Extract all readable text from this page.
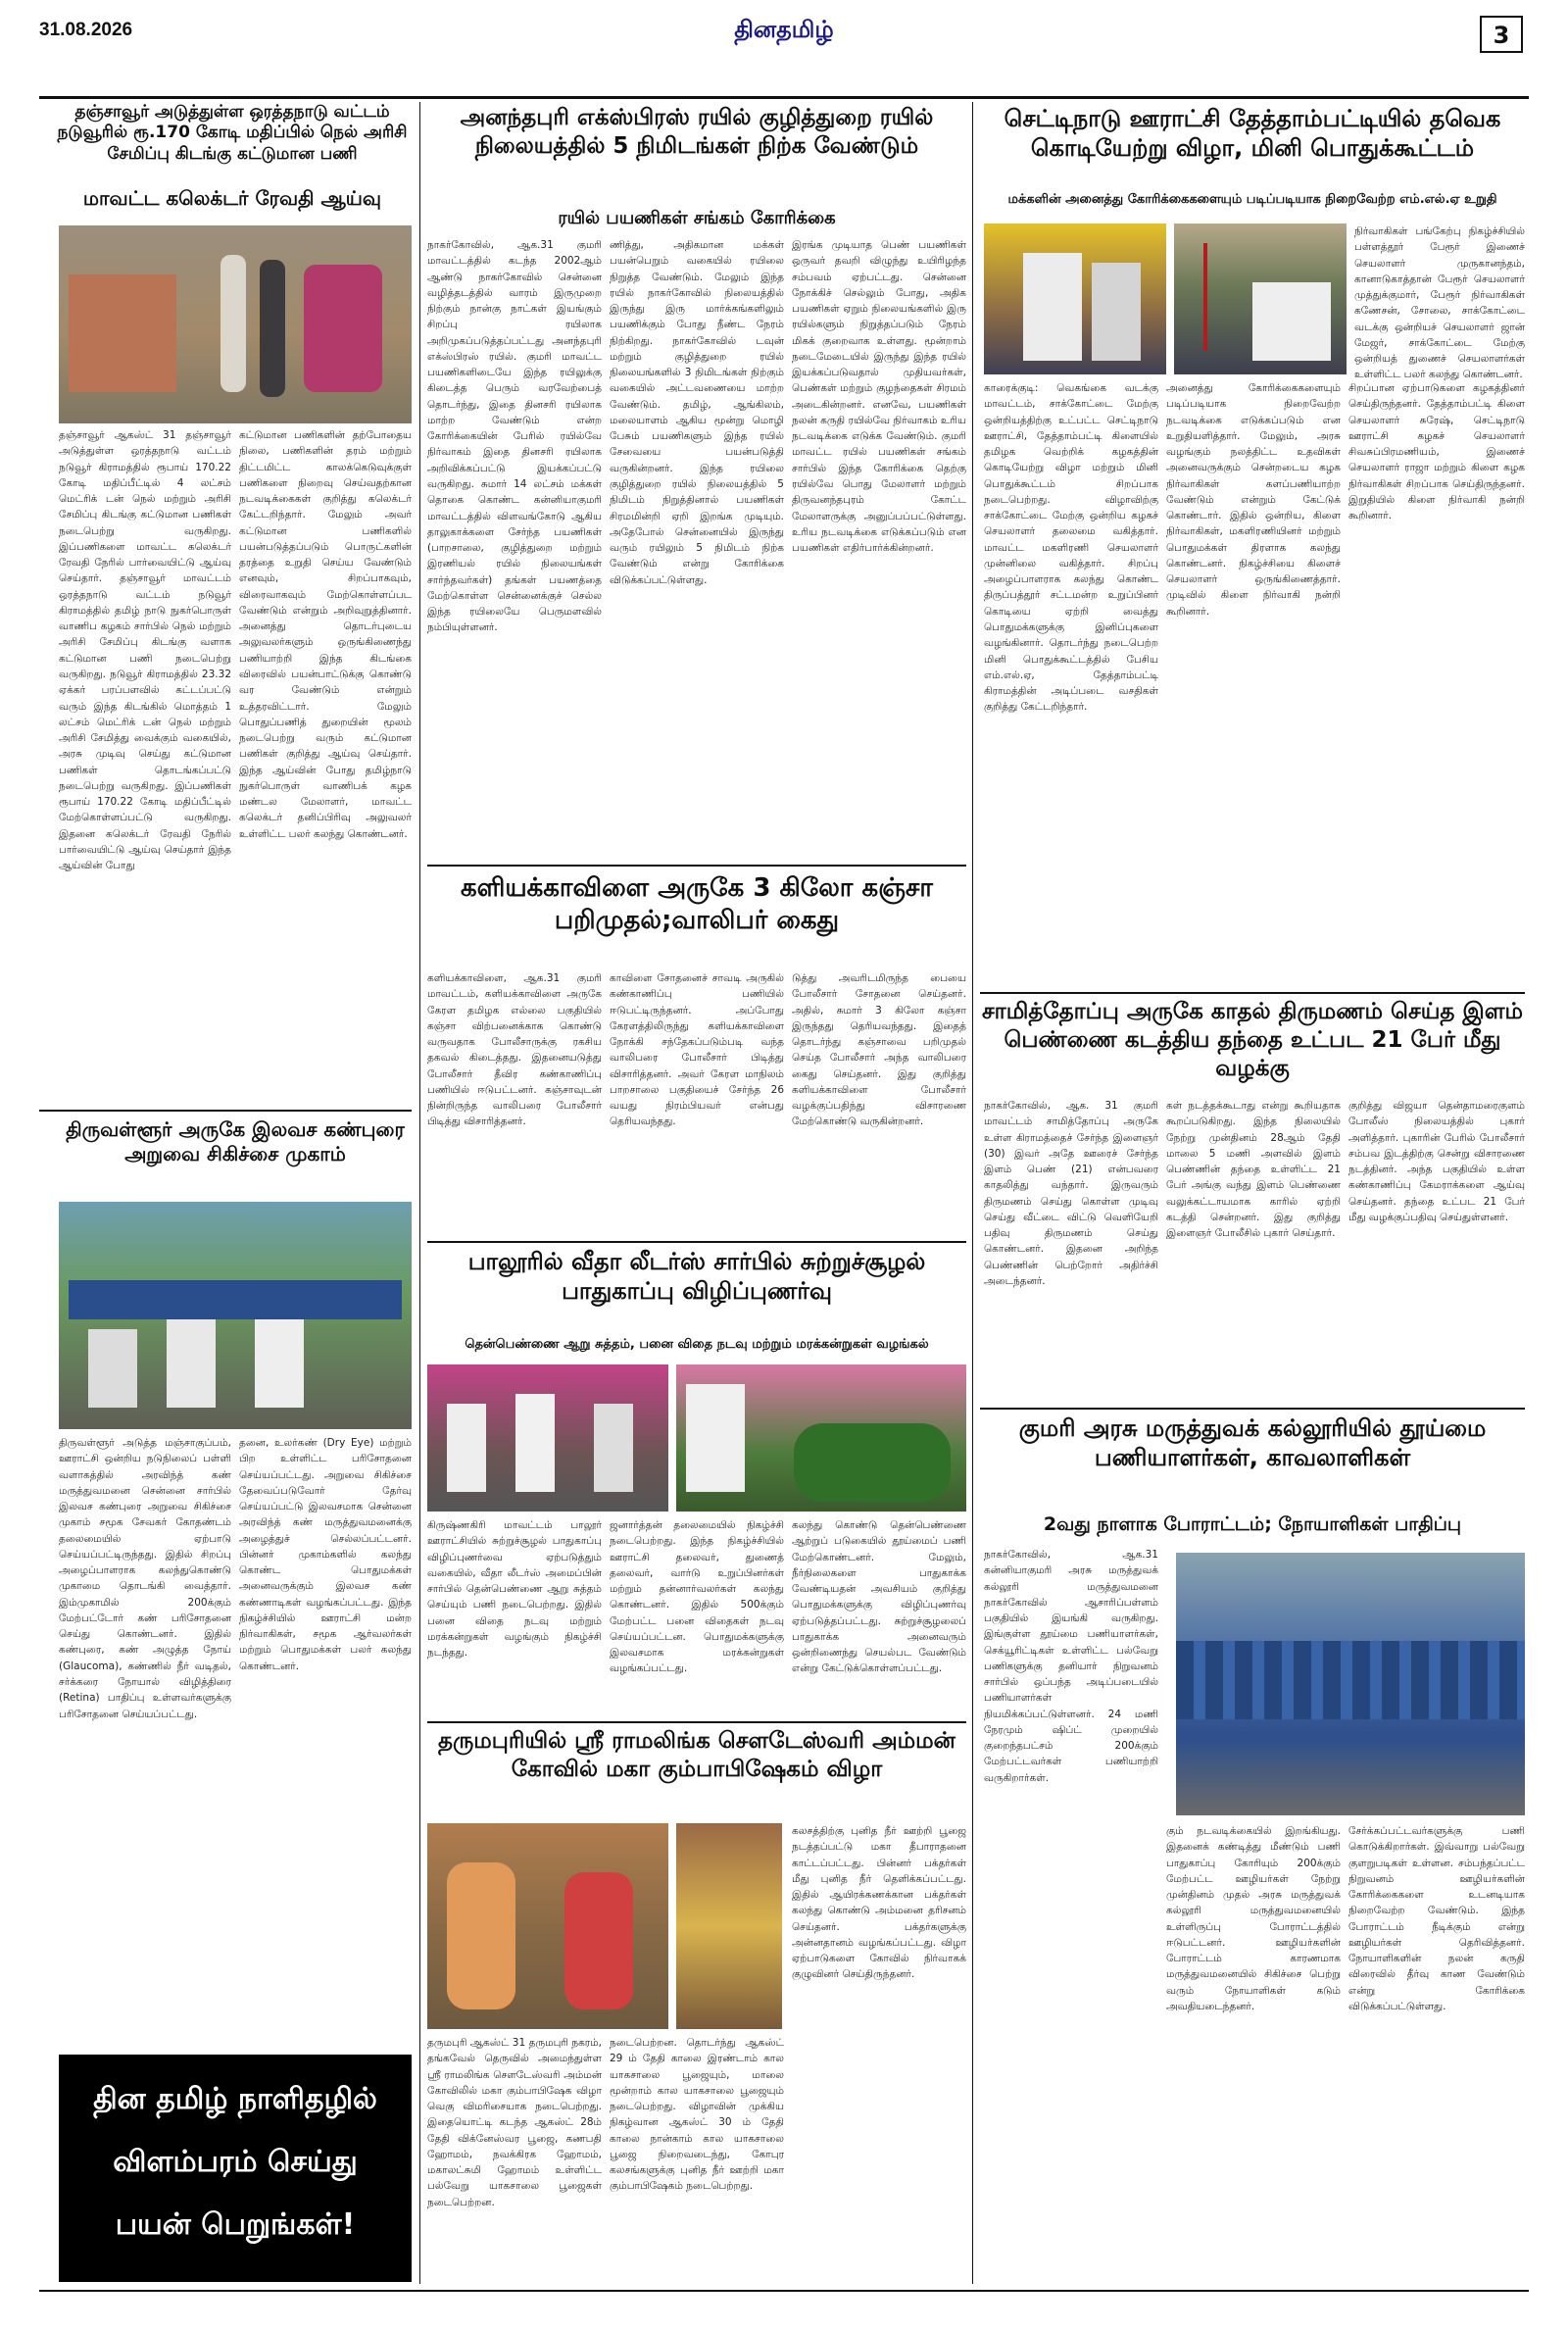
31.08.2026	தினதமிழ்	3
தஞ்சாவூர் அடுத்துள்ள ஒரத்தநாடு வட்டம் நடுவூரில் ரூ.170 கோடி மதிப்பில் நெல் அரிசி சேமிப்பு கிடங்கு கட்டுமான பணி
மாவட்ட கலெக்டர் ரேவதி ஆய்வு
தஞ்சாவூர் ஆகஸ்ட் 31 தஞ்சாவூர் அடுத்துள்ள ஒரத்தநாடு வட்டம் நடுவூர் கிராமத்தில் ரூபாய் 170.22 கோடி மதிப்பீட்டில் 4 லட்சம் மெட்ரிக் டன் நெல் மற்றும் அரிசி சேமிப்பு கிடங்கு கட்டுமான பணிகள் நடைபெற்று வருகிறது. இப்பணிகளை மாவட்ட கலெக்டர் ரேவதி நேரில் பார்வையிட்டு ஆய்வு செய்தார். தஞ்சாவூர் மாவட்டம் ஒரத்தநாடு வட்டம் நடுவூர் கிராமத்தில் தமிழ் நாடு நுகர்பொருள் வாணிப கழகம் சார்பில் நெல் மற்றும் அரிசி சேமிப்பு கிடங்கு வளாக கட்டுமான பணி நடைபெற்று வருகிறது. நடுவூர் கிராமத்தில் 23.32 ஏக்கர் பரப்பளவில் கட்டப்பட்டு வரும் இந்த கிடங்கில் மொத்தம் 1 லட்சம் மெட்ரிக் டன் நெல் மற்றும் அரிசி சேமித்து வைக்கும் வகையில், அரசு முடிவு செய்து கட்டுமான பணிகள் தொடங்கப்பட்டு நடைபெற்று வருகிறது. இப்பணிகள் ரூபாய் 170.22 கோடி மதிப்பீட்டில் மேற்கொள்ளப்பட்டு வருகிறது. இதனை கலெக்டர் ரேவதி நேரில் பார்வையிட்டு ஆய்வு செய்தார் இந்த ஆய்வின் போது
கட்டுமான பணிகளின் தற்போதைய நிலை, பணிகளின் தரம் மற்றும் திட்டமிட்ட காலக்கெடுவுக்குள் பணிகளை நிறைவு செய்வதற்கான நடவடிக்கைகள் குறித்து கலெக்டர் கேட்டறிந்தார். மேலும் அவர் கட்டுமான பணிகளில் பயன்படுத்தப்படும் பொருட்களின் தரத்தை உறுதி செய்ய வேண்டும் எனவும், சிறப்பாகவும், விரைவாகவும் மேற்கொள்ளப்பட வேண்டும் என்றும் அறிவுறுத்தினார். அனைத்து தொடர்புடைய அலுவலர்களும் ஒருங்கிணைந்து பணியாற்றி இந்த கிடங்கை விரைவில் பயன்பாட்டுக்கு கொண்டு வர வேண்டும் என்றும் உத்தரவிட்டார். மேலும் பொதுப்பணித் துறையின் மூலம் நடைபெற்று வரும் கட்டுமான பணிகள் குறித்து ஆய்வு செய்தார். இந்த ஆய்வின் போது தமிழ்நாடு நுகர்பொருள் வாணிபக் கழக மண்டல மேலாளர், மாவட்ட கலெக்டர் தனிப்பிரிவு அலுவலர் உள்ளிட்ட பலர் கலந்து கொண்டனர்.
திருவள்ளூர் அருகே இலவச கண்புரை அறுவை சிகிச்சை முகாம்
திருவள்ளூர் அடுத்த மஞ்சாகுப்பம், ஊராட்சி ஒன்றிய நடுநிலைப் பள்ளி வளாகத்தில் அரவிந்த் கண் மருத்துவமனை சென்னை சார்பில் இலவச கண்புரை அறுவை சிகிச்சை முகாம் சமூக சேவகர் கோதண்டம் தலைமையில் ஏற்பாடு செய்யப்பட்டிருந்தது. இதில் சிறப்பு அழைப்பாளராக கலந்துகொண்டு முகாமை தொடங்கி வைத்தார். இம்முகாமில் 200க்கும் மேற்பட்டோர் கண் பரிசோதனை செய்து கொண்டனர். இதில் கண்புரை, கண் அழுத்த நோய் (Glaucoma), கண்ணில் நீர் வடிதல், சர்க்கரை நோயால் விழித்திரை (Retina) பாதிப்பு உள்ளவர்களுக்கு பரிசோதனை செய்யப்பட்டது.
தனை, உலர்கண் (Dry Eye) மற்றும் பிற உள்ளிட்ட பரிசோதனை செய்யப்பட்டது. அறுவை சிகிச்சை தேவைப்படுவோர் தேர்வு செய்யப்பட்டு இலவசமாக சென்னை அரவிந்த் கண் மருத்துவமனைக்கு அழைத்துச் செல்லப்பட்டனர். பின்னர் முகாம்களில் கலந்து கொண்ட பொதுமக்கள் அனைவருக்கும் இலவச கண் கண்ணாடிகள் வழங்கப்பட்டது. இந்த நிகழ்ச்சியில் ஊராட்சி மன்ற நிர்வாகிகள், சமூக ஆர்வலர்கள் மற்றும் பொதுமக்கள் பலர் கலந்து கொண்டனர்.
தின தமிழ் நாளிதழில்
விளம்பரம் செய்து
பயன் பெறுங்கள்!
அனந்தபுரி எக்ஸ்பிரஸ் ரயில் குழித்துறை ரயில் நிலையத்தில் 5 நிமிடங்கள் நிற்க வேண்டும்
ரயில் பயணிகள் சங்கம் கோரிக்கை
நாகர்கோவில், ஆக.31 குமரி மாவட்டத்தில் கடந்த 2002ஆம் ஆண்டு நாகர்கோவில் சென்னை வழித்தடத்தில் வாரம் இருமுறை நிற்கும் நான்கு நாட்கள் இயங்கும் சிறப்பு ரயிலாக அறிமுகப்படுத்தப்பட்டது அனந்தபுரி எக்ஸ்பிரஸ் ரயில். குமரி மாவட்ட பயணிகளிடையே இந்த ரயிலுக்கு கிடைத்த பெரும் வரவேற்பைத் தொடர்ந்து, இதை தினசரி ரயிலாக மாற்ற வேண்டும் என்ற கோரிக்கையின் பேரில் ரயில்வே நிர்வாகம் இதை தினசரி ரயிலாக அறிவிக்கப்பட்டு இயக்கப்பட்டு வருகிறது. சுமார் 14 லட்சம் மக்கள் தொகை கொண்ட கன்னியாகுமரி மாவட்டத்தில் விளவங்கோடு ஆகிய தாலுகாக்களை சேர்ந்த பயணிகள் (பாறசாலை, குழித்துறை மற்றும் இரணியல் ரயில் நிலையங்கள் சார்ந்தவர்கள்) தங்கள் பயணத்தை மேற்கொள்ள சென்னைக்குச் செல்ல இந்த ரயிலையே பெருமளவில் நம்பியுள்ளனர்.
ணித்து, அதிகமான மக்கள் பயன்பெறும் வகையில் ரயிலை நிறுத்த வேண்டும். மேலும் இந்த ரயில் நாகர்கோவில் நிலையத்தில் இருந்து இரு மார்க்கங்களிலும் பயணிக்கும் போது நீண்ட நேரம் நிற்கிறது. நாகர்கோவில் டவுன் மற்றும் குழித்துறை ரயில் நிலையங்களில் 3 நிமிடங்கள் நிற்கும் வகையில் அட்டவணையை மாற்ற வேண்டும். தமிழ், ஆங்கிலம், மலையாளம் ஆகிய மூன்று மொழி பேசும் பயணிகளும் இந்த ரயில் சேவையை பயன்படுத்தி வருகின்றனர். இந்த ரயிலை குழித்துறை ரயில் நிலையத்தில் 5 நிமிடம் நிறுத்தினால் பயணிகள் சிரமமின்றி ஏறி இறங்க முடியும். அதேபோல் சென்னையில் இருந்து வரும் ரயிலும் 5 நிமிடம் நிற்க வேண்டும் என்று கோரிக்கை விடுக்கப்பட்டுள்ளது.
இரங்க முடியாத பெண் பயணிகள் ஒருவர் தவறி விழுந்து உயிரிழந்த சம்பவம் ஏற்பட்டது. சென்னை நோக்கிச் செல்லும் போது, அதிக பயணிகள் ஏறும் நிலையங்களில் இரு ரயில்களும் நிறுத்தப்படும் நேரம் மிகக் குறைவாக உள்ளது. மூன்றாம் நடைமேடையில் இருந்து இந்த ரயில் இயக்கப்படுவதால் முதியவர்கள், பெண்கள் மற்றும் குழந்தைகள் சிரமம் அடைகின்றனர். எனவே, பயணிகள் நலன் கருதி ரயில்வே நிர்வாகம் உரிய நடவடிக்கை எடுக்க வேண்டும். குமரி மாவட்ட ரயில் பயணிகள் சங்கம் சார்பில் இந்த கோரிக்கை தெற்கு ரயில்வே பொது மேலாளர் மற்றும் திருவனந்தபுரம் கோட்ட மேலாளருக்கு அனுப்பப்பட்டுள்ளது. உரிய நடவடிக்கை எடுக்கப்படும் என பயணிகள் எதிர்பார்க்கின்றனர்.
களியக்காவிளை அருகே 3 கிலோ கஞ்சா பறிமுதல்;வாலிபர் கைது
களியக்காவிளை, ஆக.31 குமரி மாவட்டம், களியக்காவிளை அருகே கேரள தமிழக எல்லை பகுதியில் கஞ்சா விற்பனைக்காக கொண்டு வருவதாக போலீசாருக்கு ரகசிய தகவல் கிடைத்தது. இதனையடுத்து போலீசார் தீவிர கண்காணிப்பு பணியில் ஈடுபட்டனர். கஞ்சாவுடன் நின்றிருந்த வாலிபரை போலீசார் பிடித்து விசாரித்தனர்.
காவிளை சோதனைச் சாவடி அருகில் கண்காணிப்பு பணியில் ஈடுபட்டிருந்தனர். அப்போது கேரளத்திலிருந்து களியக்காவிளை நோக்கி சந்தேகப்படும்படி வந்த வாலிபரை போலீசார் பிடித்து விசாரித்தனர். அவர் கேரள மாநிலம் பாறசாலை பகுதியைச் சேர்ந்த 26 வயது நிரம்பியவர் என்பது தெரியவந்தது.
டுத்து அவரிடமிருந்த பையை போலீசார் சோதனை செய்தனர். அதில், சுமார் 3 கிலோ கஞ்சா இருந்தது தெரியவந்தது. இதைத் தொடர்ந்து கஞ்சாவை பறிமுதல் செய்த போலீசார் அந்த வாலிபரை கைது செய்தனர். இது குறித்து களியக்காவிளை போலீசார் வழக்குப்பதிந்து விசாரணை மேற்கொண்டு வருகின்றனர்.
பாலூரில் வீதா லீடர்ஸ் சார்பில் சுற்றுச்சூழல் பாதுகாப்பு விழிப்புணர்வு
தென்பெண்ணை ஆறு சுத்தம், பனை விதை நடவு மற்றும் மரக்கன்றுகள் வழங்கல்
கிருஷ்ணகிரி மாவட்டம் பாலூர் ஊராட்சியில் சுற்றுச்சூழல் பாதுகாப்பு விழிப்புணர்வை ஏற்படுத்தும் வகையில், வீதா லீடர்ஸ் அமைப்பின் சார்பில் தென்பெண்ணை ஆறு சுத்தம் செய்யும் பணி நடைபெற்றது. இதில் பனை விதை நடவு மற்றும் மரக்கன்றுகள் வழங்கும் நிகழ்ச்சி நடந்தது.
ஜனார்த்தன் தலைமையில் நிகழ்ச்சி நடைபெற்றது. இந்த நிகழ்ச்சியில் ஊராட்சி தலைவர், துணைத் தலைவர், வார்டு உறுப்பினர்கள் மற்றும் தன்னார்வலர்கள் கலந்து கொண்டனர். இதில் 500க்கும் மேற்பட்ட பனை விதைகள் நடவு செய்யப்பட்டன. பொதுமக்களுக்கு இலவசமாக மரக்கன்றுகள் வழங்கப்பட்டது.
கலந்து கொண்டு தென்பெண்ணை ஆற்றுப் படுகையில் தூய்மைப் பணி மேற்கொண்டனர். மேலும், நீர்நிலைகளை பாதுகாக்க வேண்டியதன் அவசியம் குறித்து பொதுமக்களுக்கு விழிப்புணர்வு ஏற்படுத்தப்பட்டது. சுற்றுச்சூழலைப் பாதுகாக்க அனைவரும் ஒன்றிணைந்து செயல்பட வேண்டும் என்று கேட்டுக்கொள்ளப்பட்டது.
தருமபுரியில் ஸ்ரீ ராமலிங்க சௌடேஸ்வரி அம்மன் கோவில் மகா கும்பாபிஷேகம் விழா
தருமபுரி ஆகஸ்ட் 31 தருமபுரி நகரம், தங்கவேல் தெருவில் அமைந்துள்ள ஸ்ரீ ராமலிங்க சௌடேஸ்வரி அம்மன் கோவிலில் மகா கும்பாபிஷேக விழா வெகு விமரிசையாக நடைபெற்றது. இதையொட்டி கடந்த ஆகஸ்ட் 28ம் தேதி விக்னேஸ்வர பூஜை, கணபதி ஹோமம், நவக்கிரக ஹோமம், மகாலட்சுமி ஹோமம் உள்ளிட்ட பல்வேறு யாகசாலை பூஜைகள் நடைபெற்றன.
நடைபெற்றன. தொடர்ந்து ஆகஸ்ட் 29 ம் தேதி காலை இரண்டாம் கால யாகசாலை பூஜையும், மாலை மூன்றாம் கால யாகசாலை பூஜையும் நடைபெற்றது. விழாவின் முக்கிய நிகழ்வான ஆகஸ்ட் 30 ம் தேதி காலை நான்காம் கால யாகசாலை பூஜை நிறைவடைந்து, கோபுர கலசங்களுக்கு புனித நீர் ஊற்றி மகா கும்பாபிஷேகம் நடைபெற்றது.
கலசத்திற்கு புனித நீர் ஊற்றி பூஜை நடத்தப்பட்டு மகா தீபாராதனை காட்டப்பட்டது. பின்னர் பக்தர்கள் மீது புனித நீர் தெளிக்கப்பட்டது. இதில் ஆயிரக்கணக்கான பக்தர்கள் கலந்து கொண்டு அம்மனை தரிசனம் செய்தனர். பக்தர்களுக்கு அன்னதானம் வழங்கப்பட்டது. விழா ஏற்பாடுகளை கோவில் நிர்வாகக் குழுவினர் செய்திருந்தனர்.
செட்டிநாடு ஊராட்சி தேத்தாம்பட்டியில் தவெக கொடியேற்று விழா, மினி பொதுக்கூட்டம்
மக்களின் அனைத்து கோரிக்கைகளையும் படிப்படியாக நிறைவேற்ற எம்.எல்.ஏ உறுதி
நிர்வாகிகள் பங்கேற்பு நிகழ்ச்சியில் பள்ளத்தூர் பேரூர் இணைச் செயலாளர் முருகானந்தம், கானாடுகாத்தான் பேரூர் செயலாளர் முத்துக்குமார், பேரூர் நிர்வாகிகள் கணேசன், சோலை, சாக்கோட்டை வடக்கு ஒன்றியச் செயலாளர் ஜான் மேஜர், சாக்கோட்டை மேற்கு ஒன்றியத் துணைச் செயலாளர்கள் உள்ளிட்ட பலர் கலந்து கொண்டனர்.
காரைக்குடி: வெகங்கை வடக்கு மாவட்டம், சாக்கோட்டை மேற்கு ஒன்றியத்திற்கு உட்பட்ட செட்டிநாடு ஊராட்சி, தேத்தாம்பட்டி கிளையில் தமிழக வெற்றிக் கழகத்தின் கொடியேற்று விழா மற்றும் மினி பொதுக்கூட்டம் சிறப்பாக நடைபெற்றது. விழாவிற்கு சாக்கோட்டை மேற்கு ஒன்றிய கழகச் செயலாளர் தலைமை வகித்தார். மாவட்ட மகளிரணி செயலாளர் முன்னிலை வகித்தார். சிறப்பு அழைப்பாளராக கலந்து கொண்ட திருப்பத்தூர் சட்டமன்ற உறுப்பினர் கொடியை ஏற்றி வைத்து பொதுமக்களுக்கு இனிப்புகளை வழங்கினார். தொடர்ந்து நடைபெற்ற மினி பொதுக்கூட்டத்தில் பேசிய எம்.எல்.ஏ, தேத்தாம்பட்டி கிராமத்தின் அடிப்படை வசதிகள் குறித்து கேட்டறிந்தார்.
அனைத்து கோரிக்கைகளையும் படிப்படியாக நிறைவேற்ற நடவடிக்கை எடுக்கப்படும் என உறுதியளித்தார். மேலும், அரசு வழங்கும் நலத்திட்ட உதவிகள் அனைவருக்கும் சென்றடைய கழக நிர்வாகிகள் களப்பணியாற்ற வேண்டும் என்றும் கேட்டுக் கொண்டார். இதில் ஒன்றிய, கிளை நிர்வாகிகள், மகளிரணியினர் மற்றும் பொதுமக்கள் திரளாக கலந்து கொண்டனர். நிகழ்ச்சியை கிளைச் செயலாளர் ஒருங்கிணைத்தார். முடிவில் கிளை நிர்வாகி நன்றி கூறினார்.
சிறப்பான ஏற்பாடுகளை கழகத்தினர் செய்திருந்தனர். தேத்தாம்பட்டி கிளை செயலாளர் சுரேஷ், செட்டிநாடு ஊராட்சி கழகச் செயலாளர் சிவசுப்பிரமணியம், இணைச் செயலாளர் ராஜா மற்றும் கிளை கழக நிர்வாகிகள் சிறப்பாக செய்திருந்தனர். இறுதியில் கிளை நிர்வாகி நன்றி கூறினார்.
சாமித்தோப்பு அருகே காதல் திருமணம் செய்த இளம் பெண்ணை கடத்திய தந்தை உட்பட 21 பேர் மீது வழக்கு
நாகர்கோவில், ஆக. 31 குமரி மாவட்டம் சாமித்தோப்பு அருகே உள்ள கிராமத்தைச் சேர்ந்த இளைஞர் (30) இவர் அதே ஊரைச் சேர்ந்த இளம் பெண் (21) என்பவரை காதலித்து வந்தார். இருவரும் திருமணம் செய்து கொள்ள முடிவு செய்து வீட்டை விட்டு வெளியேறி பதிவு திருமணம் செய்து கொண்டனர். இதனை அறிந்த பெண்ணின் பெற்றோர் அதிர்ச்சி அடைந்தனர்.
கள் நடத்தக்கூடாது என்று கூறியதாக கூறப்படுகிறது. இந்த நிலையில் நேற்று முன்தினம் 28ஆம் தேதி மாலை 5 மணி அளவில் இளம் பெண்ணின் தந்தை உள்ளிட்ட 21 பேர் அங்கு வந்து இளம் பெண்ணை வலுக்கட்டாயமாக காரில் ஏற்றி கடத்தி சென்றனர். இது குறித்து இளைஞர் போலீசில் புகார் செய்தார்.
குறித்து விஜயா தென்தாமரைகுளம் போலீஸ் நிலையத்தில் புகார் அளித்தார். புகாரின் பேரில் போலீசார் சம்பவ இடத்திற்கு சென்று விசாரணை நடத்தினர். அந்த பகுதியில் உள்ள கண்காணிப்பு கேமராக்களை ஆய்வு செய்தனர். தந்தை உட்பட 21 பேர் மீது வழக்குப்பதிவு செய்துள்ளனர்.
குமரி அரசு மருத்துவக் கல்லூரியில் தூய்மை பணியாளர்கள், காவலாளிகள்
2வது நாளாக போராட்டம்; நோயாளிகள் பாதிப்பு
நாகர்கோவில், ஆக.31 கன்னியாகுமரி அரசு மருத்துவக் கல்லூரி மருத்துவமனை நாகர்கோவில் ஆசாரிப்பள்ளம் பகுதியில் இயங்கி வருகிறது. இங்குள்ள தூய்மை பணியாளர்கள், செக்யூரிட்டிகள் உள்ளிட்ட பல்வேறு பணிகளுக்கு தனியார் நிறுவனம் சார்பில் ஒப்பந்த அடிப்படையில் பணியாளர்கள் நியமிக்கப்பட்டுள்ளனர். 24 மணி நேரமும் ஷிப்ட் முறையில் குறைந்தபட்சம் 200க்கும் மேற்பட்டவர்கள் பணியாற்றி வருகிறார்கள்.
கும் நடவடிக்கையில் இறங்கியது. இதனைக் கண்டித்து மீண்டும் பணி பாதுகாப்பு கோரியும் 200க்கும் மேற்பட்ட ஊழியர்கள் நேற்று முன்தினம் முதல் அரசு மருத்துவக் கல்லூரி மருத்துவமனையில் உள்ளிருப்பு போராட்டத்தில் ஈடுபட்டனர். ஊழியர்களின் போராட்டம் காரணமாக மருத்துவமனையில் சிகிச்சை பெற்று வரும் நோயாளிகள் கடும் அவதியடைந்தனர்.
சேர்க்கப்பட்டவர்களுக்கு பணி கொடுக்கிறார்கள். இவ்வாறு பல்வேறு குளறுபடிகள் உள்ளன. சம்பந்தப்பட்ட நிறுவனம் ஊழியர்களின் கோரிக்கைகளை உடனடியாக நிறைவேற்ற வேண்டும். இந்த போராட்டம் நீடிக்கும் என்று ஊழியர்கள் தெரிவித்தனர். நோயாளிகளின் நலன் கருதி விரைவில் தீர்வு காண வேண்டும் என்று கோரிக்கை விடுக்கப்பட்டுள்ளது.
